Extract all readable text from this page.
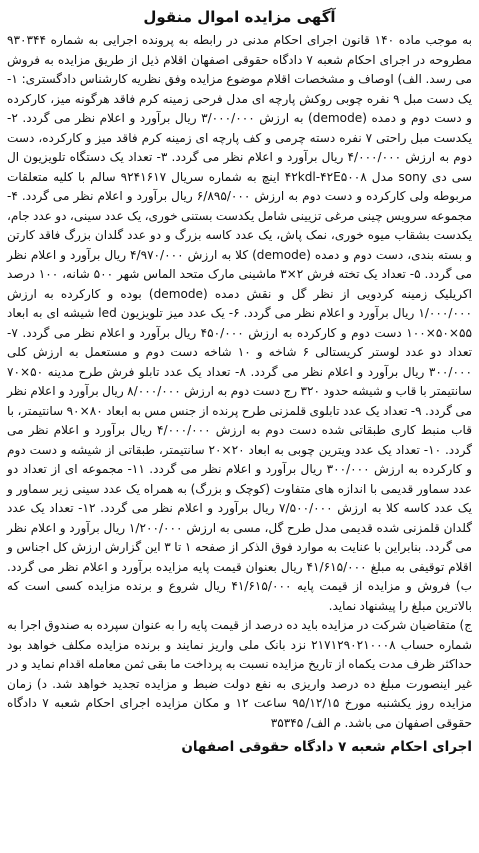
آگهی مزایده اموال منقول

به موجب ماده ۱۴۰ قانون اجرای احکام مدنی در رابطه به پرونده اجرایی به شماره ۹۳۰۳۴۴ مطروحه در اجرای احکام شعبه ۷ دادگاه حقوقی اصفهان اقلام ذیل از طریق مزایده به فروش می رسد. الف) اوصاف و مشخصات اقلام موضوع مزایده وفق نظریه کارشناس دادگستری: ۱- یک دست مبل ۹ نفره چوبی روکش پارچه ای مدل فرحی زمینه کرم فاقد هرگونه میز، کارکرده و دست دوم و دمده (demode) به ارزش ۳/۰۰۰/۰۰۰ ریال برآورد و اعلام نظر می گردد. ۲- یکدست مبل راحتی ۷ نفره دسته چرمی و کف پارچه ای زمینه کرم فاقد میز و کارکرده، دست دوم به ارزش ۴/۰۰۰/۰۰۰ ریال برآورد و اعلام نظر می گردد. ۳- تعداد یک دستگاه تلویزیون ال سی دی sony مدل ۴۲kdl-۴۲E۵۰۰۸ اینچ به شماره سریال ۹۲۴۱۶۱۷ سالم با کلیه متعلقات مربوطه ولی کارکرده و دست دوم به ارزش ۶/۸۹۵/۰۰۰ ریال برآورد و اعلام نظر می گردد. ۴- مجموعه سرویس چینی مرغی تزیینی شامل یکدست بستنی خوری، یک عدد سینی، دو عدد جام، یکدست بشقاب میوه خوری، نمک پاش، یک عدد کاسه بزرگ و دو عدد گلدان بزرگ فاقد کارتن و بسته بندی، دست دوم و دمده (demode) کلا به ارزش ۴/۹۷۰/۰۰۰ ریال برآورد و اعلام نظر می گردد. ۵- تعداد یک تخته فرش ۲×۳ ماشینی مارک متحد الماس شهر ۵۰۰ شانه، ۱۰۰ درصد اکریلیک زمینه کردویی از نظر گل و نقش دمده (demode) بوده و کارکرده به ارزش ۱/۰۰۰/۰۰۰ ریال برآورد و اعلام نظر می گردد. ۶- یک عدد میز تلویزیون led شیشه ای به ابعاد ۵۵×۵۰×۱۰۰ دست دوم و کارکرده به ارزش ۴۵۰/۰۰۰ ریال برآورد و اعلام نظر می گردد. ۷- تعداد دو عدد لوستر کریستالی ۶ شاخه و ۱۰ شاخه دست دوم و مستعمل به ارزش کلی ۳۰۰/۰۰۰ ریال برآورد و اعلام نظر می گردد. ۸- تعداد یک عدد تابلو فرش طرح مدینه ۵۰×۷۰ سانتیمتر با قاب و شیشه حدود ۳۲۰ رج دست دوم به ارزش ۸/۰۰۰/۰۰۰ ریال برآورد و اعلام نظر می گردد. ۹- تعداد یک عدد تابلوی قلمزنی طرح پرنده از جنس مس به ابعاد ۸۰×۹۰ سانتیمتر، با قاب منبط کاری طبقاتی شده دست دوم به ارزش ۴/۰۰۰/۰۰۰ ریال برآورد و اعلام نظر می گردد. ۱۰- تعداد یک عدد ویترین چوبی به ابعاد ۲۰×۲۰ سانتیمتر، طبقاتی از شیشه و دست دوم و کارکرده به ارزش ۳۰۰/۰۰۰ ریال برآورد و اعلام نظر می گردد. ۱۱- مجموعه ای از تعداد دو عدد سماور قدیمی با اندازه های متفاوت (کوچک و بزرگ) به همراه یک عدد سینی زیر سماور و یک عدد کاسه کلا به ارزش ۷/۵۰۰/۰۰۰ ریال برآورد و اعلام نظر می گردد. ۱۲- تعداد یک عدد گلدان قلمزنی شده قدیمی مدل طرح گل، مسی به ارزش ۱/۲۰۰/۰۰۰ ریال برآورد و اعلام نظر می گردد. بنابراین با عنایت به موارد فوق الذکر از صفحه ۱ تا ۳ این گزارش ارزش کل اجناس و اقلام توقیفی به مبلغ ۴۱/۶۱۵/۰۰۰ ریال بعنوان قیمت پایه مزایده برآورد و اعلام نظر می گردد. ب) فروش و مزایده از قیمت پایه ۴۱/۶۱۵/۰۰۰ ریال شروع و برنده مزایده کسی است که بالاترین مبلغ را پیشنهاد نماید.

ج) متقاضیان شرکت در مزایده باید ده درصد از قیمت پایه را به عنوان سپرده به صندوق اجرا به شماره حساب ۲۱۷۱۲۹۰۲۱۰۰۰۸ نزد بانک ملی واریز نمایند و برنده مزایده مکلف خواهد بود حداکثر ظرف مدت یکماه از تاریخ مزایده نسبت به پرداخت ما بقی ثمن معامله اقدام نماید و در غیر اینصورت مبلغ ده درصد واریزی به نفع دولت ضبط و مزایده تجدید خواهد شد. د) زمان مزایده روز یکشنبه مورخ ۹۵/۱۲/۱۵ ساعت ۱۲ و مکان مزایده اجرای احکام شعبه ۷ دادگاه حقوقی اصفهان می باشد. م الف/ ۳۵۳۴۵

اجرای احکام شعبه ۷ دادگاه حقوقی اصفهان
